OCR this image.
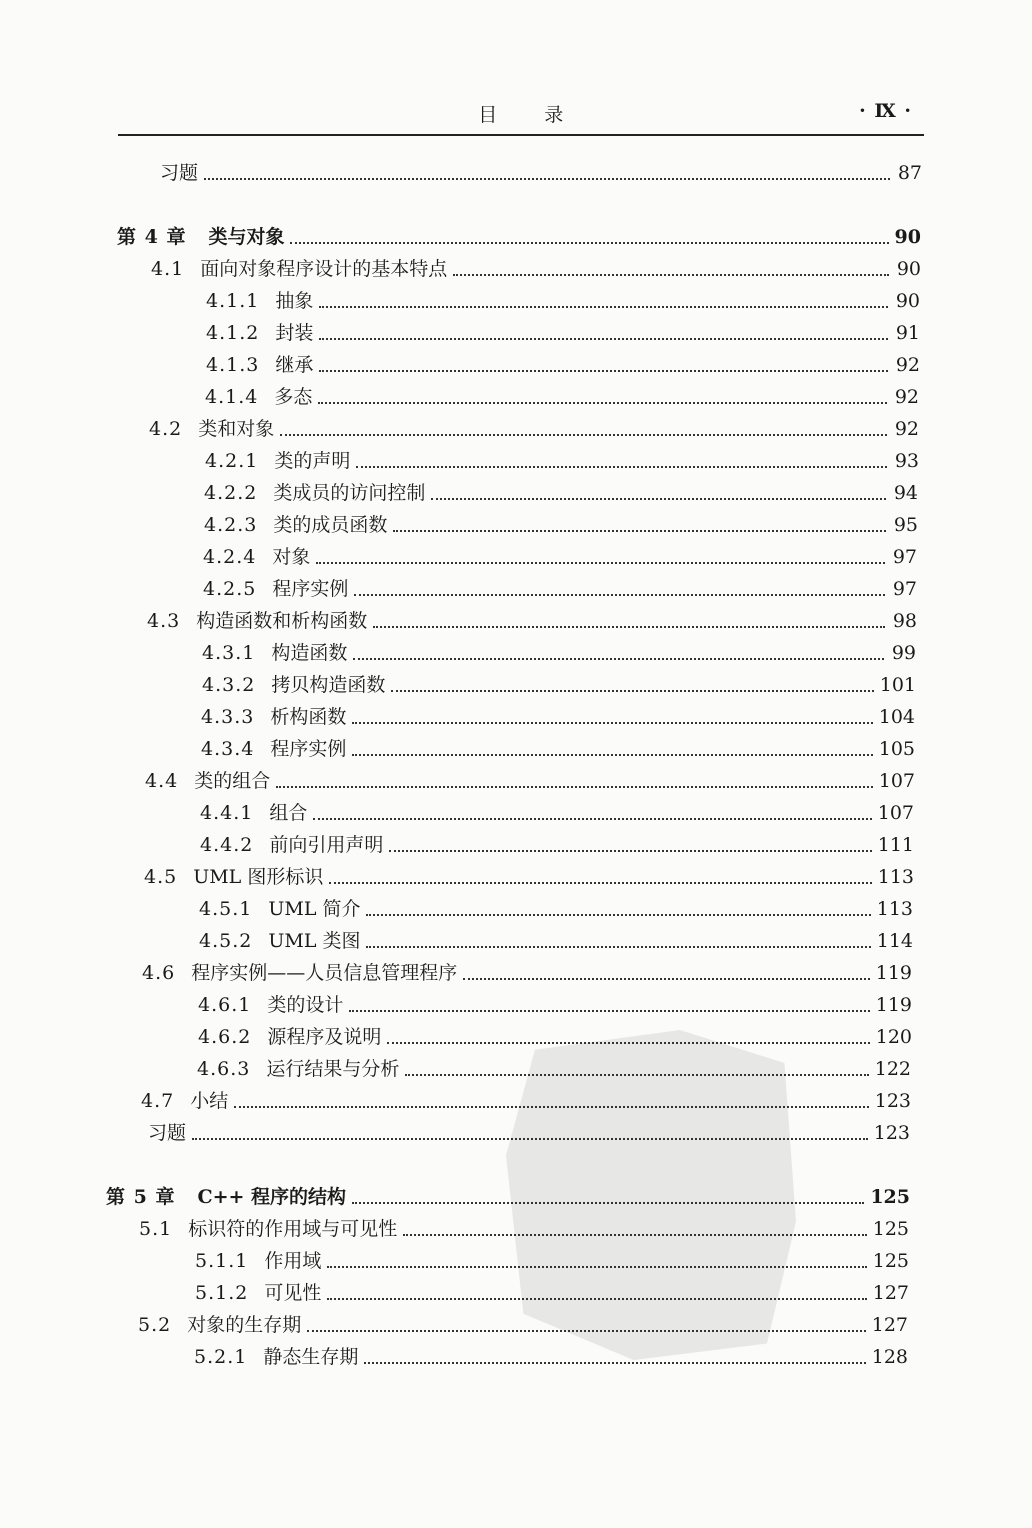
目 录	· Ⅸ ·
习题	87
第 4 章	类与对象	90
4.1 面向对象程序设计的基本特点	90
4.1.1 抽象	90
4.1.2 封装	91
4.1.3 继承	92
4.1.4 多态	92
4.2 类和对象	92
4.2.1 类的声明	93
4.2.2 类成员的访问控制	94
4.2.3 类的成员函数	95
4.2.4 对象	97
4.2.5 程序实例	97
4.3 构造函数和析构函数	98
4.3.1 构造函数	99
4.3.2 拷贝构造函数	101
4.3.3 析构函数	104
4.3.4 程序实例	105
4.4 类的组合	107
4.4.1 组合	107
4.4.2 前向引用声明	111
4.5 UML 图形标识	113
4.5.1 UML 简介	113
4.5.2 UML 类图	114
4.6 程序实例——人员信息管理程序	119
4.6.1 类的设计	119
4.6.2 源程序及说明	120
4.6.3 运行结果与分析	122
4.7 小结	123
习题	123
第 5 章	C++ 程序的结构	125
5.1 标识符的作用域与可见性	125
5.1.1 作用域	125
5.1.2 可见性	127
5.2 对象的生存期	127
5.2.1 静态生存期	128
